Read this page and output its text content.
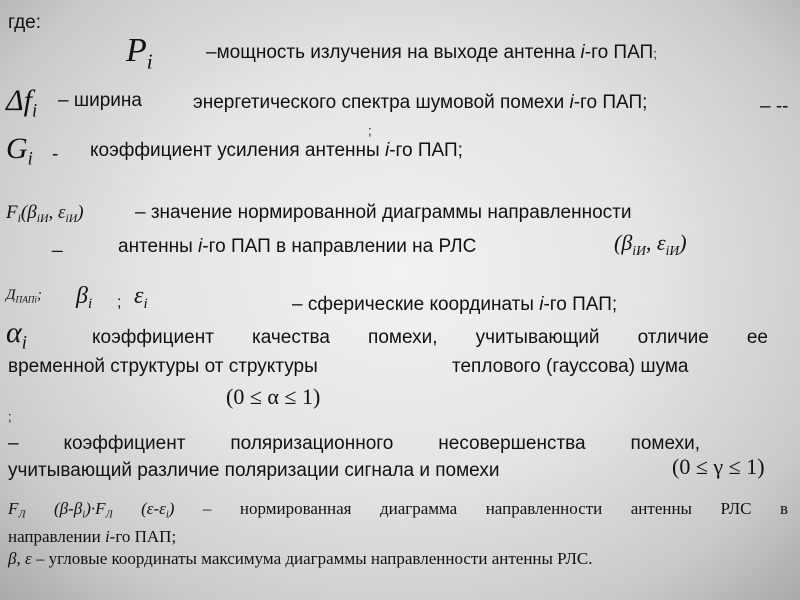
где:
$P_i$	–мощность излучения на выходе антенна i-го ПАП;
$\Delta f_i$ – ширина	энергетического спектра шумовой помехи i-го ПАП;	– --
;
$G_i$ - коэффициент усиления антенны i-го ПАП;
$F_i(\beta_{iИ}$, $\varepsilon_{iИ}$)	– значение нормированной диаграммы направленности
_	антенны i-го ПАП в направлении на РЛС	($\beta_{iИ}$, $\varepsilon_{iИ}$)
$Д_{ПАПi}$; $\beta_i$ ; $\varepsilon_i$	– сферические координаты i-го ПАП;
$\alpha_i$	коэффициент качества помехи, учитывающий отличие ее
временной структуры от структуры	теплового (гауссова) шума
(0 ≤ α ≤ 1)
;
– коэффициент поляризационного несовершенства помехи,
учитывающий различие поляризации сигнала и помехи	(0 ≤ γ ≤ 1)
$F_Л$ $(\beta-\beta_i)\cdot F_Л$ $(\varepsilon-\varepsilon_i)$ – нормированная диаграмма направленности антенны РЛС в
направлении i-го ПАП;
β, ε – угловые координаты максимума диаграммы направленности антенны РЛС.
